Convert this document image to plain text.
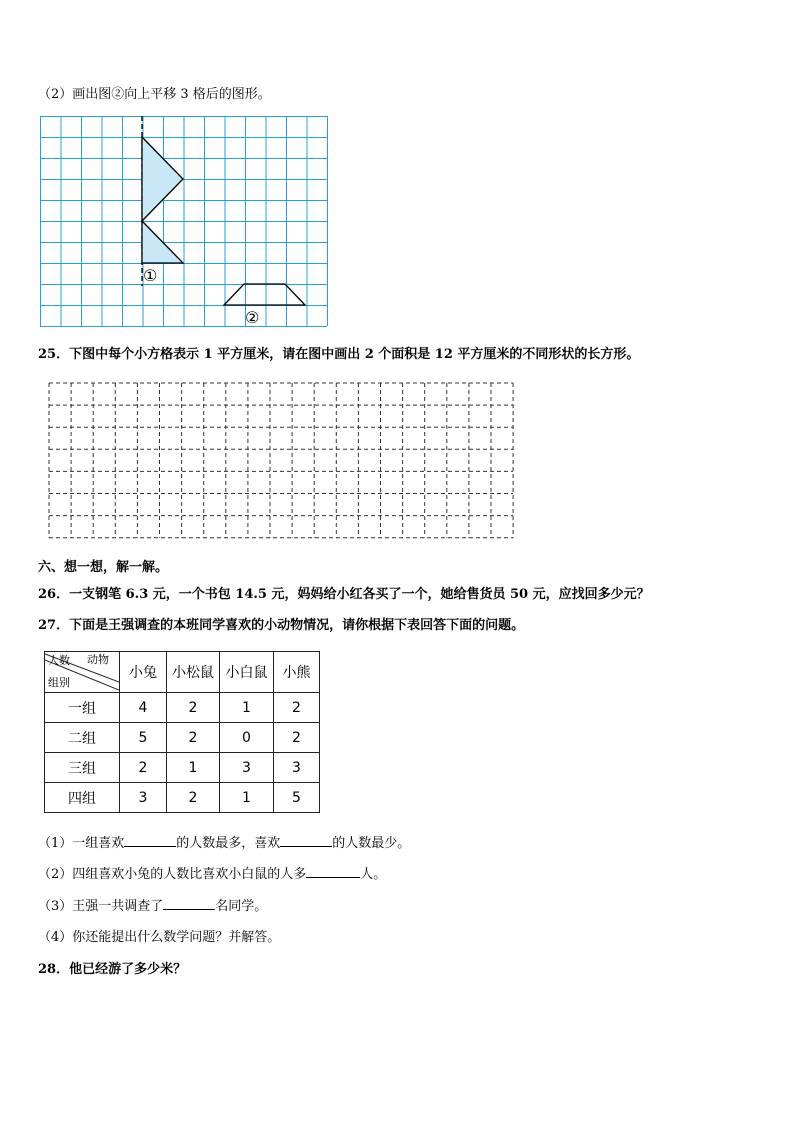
（2）画出图②向上平移 3 格后的图形。
①
②
25．下图中每个小方格表示 1 平方厘米，请在图中画出 2 个面积是 12 平方厘米的不同形状的长方形。
六、想一想，解一解。
26．一支钢笔 6.3 元，一个书包 14.5 元，妈妈给小红各买了一个，她给售货员 50 元，应找回多少元？
27．下面是王强调查的本班同学喜欢的小动物情况，请你根据下表回答下面的问题。
人数 动物
组别	小兔	小松鼠	小白鼠	小熊
一组	4	2	1	2
二组	5	2	0	2
三组	2	1	3	3
四组	3	2	1	5
（1）一组喜欢	的人数最多，喜欢	的人数最少。
（2）四组喜欢小兔的人数比喜欢小白鼠的人多	人。
（3）王强一共调查了	名同学。
（4）你还能提出什么数学问题？并解答。
28．他已经游了多少米？
